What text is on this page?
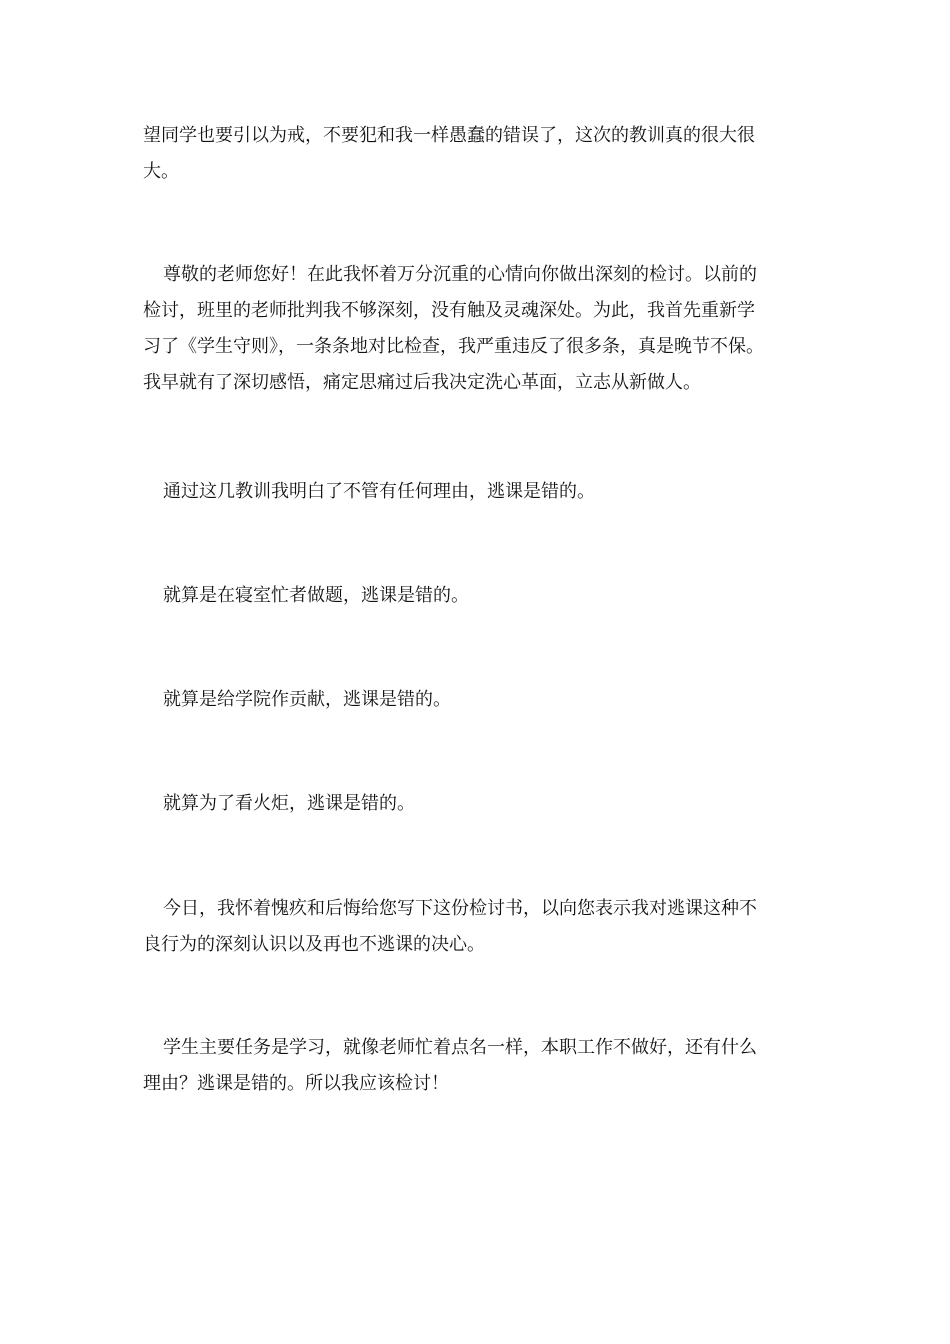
望同学也要引以为戒，不要犯和我一样愚蠢的错误了，这次的教训真的很大很
大。

尊敬的老师您好！在此我怀着万分沉重的心情向你做出深刻的检讨。以前的
检讨，班里的老师批判我不够深刻，没有触及灵魂深处。为此，我首先重新学
习了《学生守则》，一条条地对比检查，我严重违反了很多条，真是晚节不保。
我早就有了深切感悟，痛定思痛过后我决定洗心革面，立志从新做人。

通过这几教训我明白了不管有任何理由，逃课是错的。

就算是在寝室忙者做题，逃课是错的。

就算是给学院作贡献，逃课是错的。

就算为了看火炬，逃课是错的。

今日，我怀着愧疚和后悔给您写下这份检讨书，以向您表示我对逃课这种不
良行为的深刻认识以及再也不逃课的决心。

学生主要任务是学习，就像老师忙着点名一样，本职工作不做好，还有什么
理由？逃课是错的。所以我应该检讨！
